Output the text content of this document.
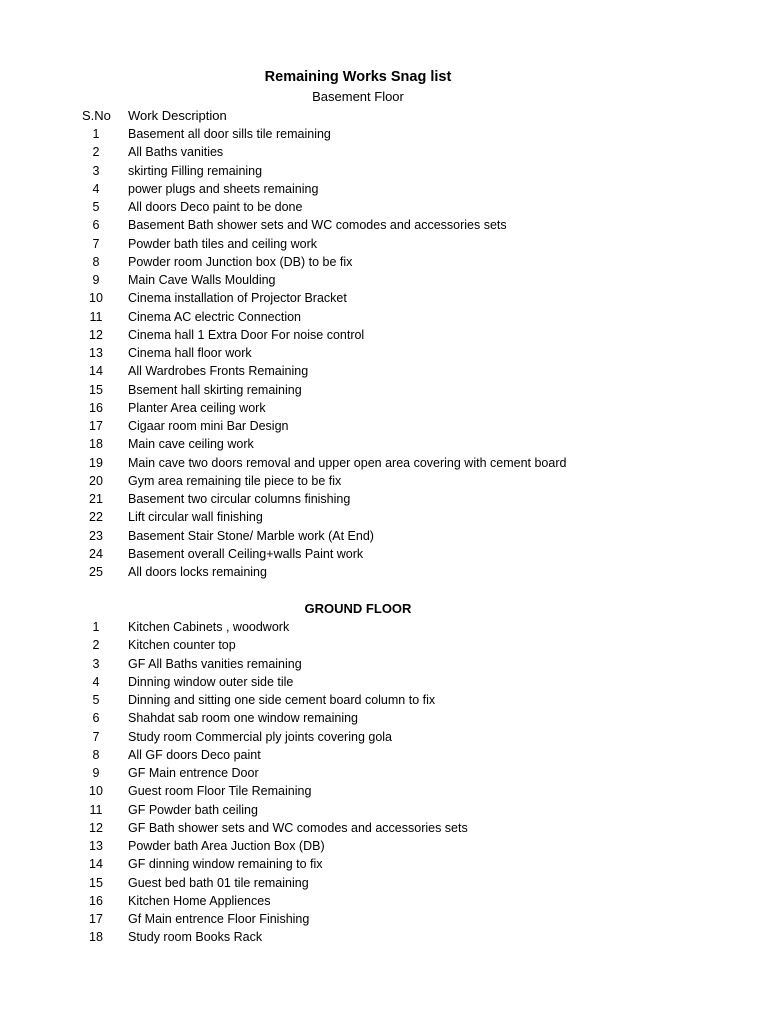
Remaining Works Snag list
Basement Floor
S.No Work Description
1	Basement all door sills tile remaining
2	All Baths vanities
3	skirting Filling remaining
4	power plugs and sheets remaining
5	All doors Deco paint to be done
6	Basement Bath shower sets and WC comodes and accessories sets
7	Powder bath tiles and ceiling work
8	Powder room Junction box (DB) to be fix
9	Main Cave Walls Moulding
10	Cinema installation of Projector Bracket
11	Cinema AC electric Connection
12	Cinema hall 1 Extra Door For noise control
13	Cinema hall floor work
14	All Wardrobes Fronts Remaining
15	Bsement hall skirting remaining
16	Planter Area ceiling work
17	Cigaar room mini Bar Design
18	Main cave ceiling work
19	Main cave two doors removal and upper open area covering with cement board
20	Gym area remaining tile piece to be fix
21	Basement two circular columns finishing
22	Lift circular wall finishing
23	Basement Stair Stone/ Marble work (At End)
24	Basement overall Ceiling+walls Paint work
25	All doors locks remaining
GROUND FLOOR
1	Kitchen Cabinets , woodwork
2	Kitchen counter top
3	GF All Baths vanities remaining
4	Dinning window outer side tile
5	Dinning and sitting one side cement board column to fix
6	Shahdat sab room one window remaining
7	Study room Commercial ply joints covering gola
8	All GF doors Deco paint
9	GF Main entrence Door
10	Guest room Floor Tile Remaining
11	GF Powder bath ceiling
12	GF Bath shower sets and WC comodes and accessories sets
13	Powder bath Area Juction Box (DB)
14	GF dinning window remaining to fix
15	Guest bed bath 01 tile remaining
16	Kitchen Home Appliences
17	Gf Main entrence Floor Finishing
18	Study room Books Rack
